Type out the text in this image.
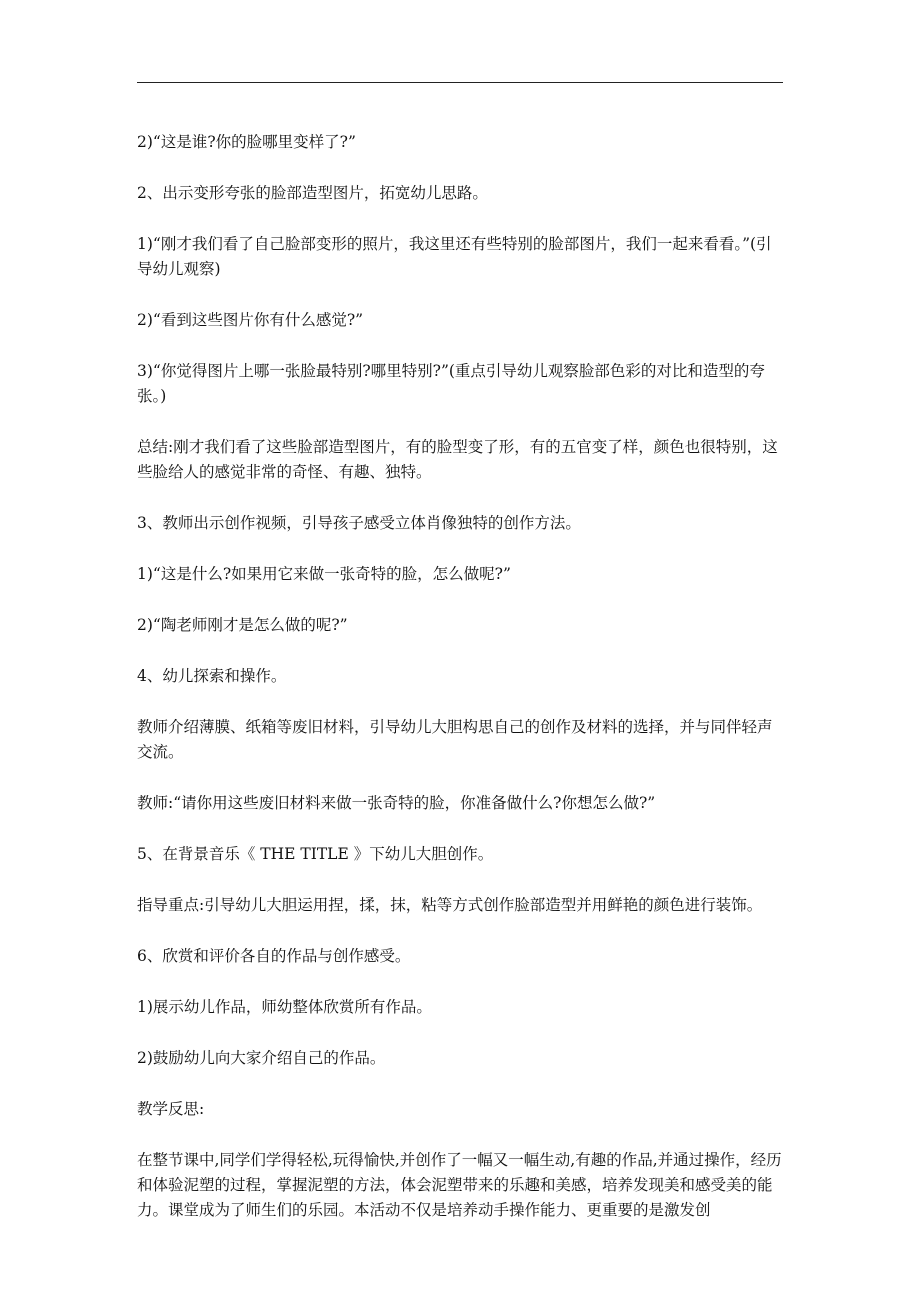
2)“这是谁?你的脸哪里变样了?”

2、出示变形夸张的脸部造型图片，拓宽幼儿思路。

1)“刚才我们看了自己脸部变形的照片，我这里还有些特别的脸部图片，我们一起来看看。”(引导幼儿观察)

2)“看到这些图片你有什么感觉?”

3)“你觉得图片上哪一张脸最特别?哪里特别?”(重点引导幼儿观察脸部色彩的对比和造型的夸张。)

总结:刚才我们看了这些脸部造型图片，有的脸型变了形，有的五官变了样，颜色也很特别，这些脸给人的感觉非常的奇怪、有趣、独特。

3、教师出示创作视频，引导孩子感受立体肖像独特的创作方法。

1)“这是什么?如果用它来做一张奇特的脸，怎么做呢?”

2)“陶老师刚才是怎么做的呢?”

4、幼儿探索和操作。

教师介绍薄膜、纸箱等废旧材料，引导幼儿大胆构思自己的创作及材料的选择，并与同伴轻声交流。

教师:“请你用这些废旧材料来做一张奇特的脸，你准备做什么?你想怎么做?”

5、在背景音乐《 THE TITLE 》下幼儿大胆创作。

指导重点:引导幼儿大胆运用捏，揉，抹，粘等方式创作脸部造型并用鲜艳的颜色进行装饰。

6、欣赏和评价各自的作品与创作感受。

1)展示幼儿作品，师幼整体欣赏所有作品。

2)鼓励幼儿向大家介绍自己的作品。

教学反思:

在整节课中,同学们学得轻松,玩得愉快,并创作了一幅又一幅生动,有趣的作品,并通过操作，经历和体验泥塑的过程，掌握泥塑的方法，体会泥塑带来的乐趣和美感，培养发现美和感受美的能力。课堂成为了师生们的乐园。本活动不仅是培养动手操作能力、更重要的是激发创
